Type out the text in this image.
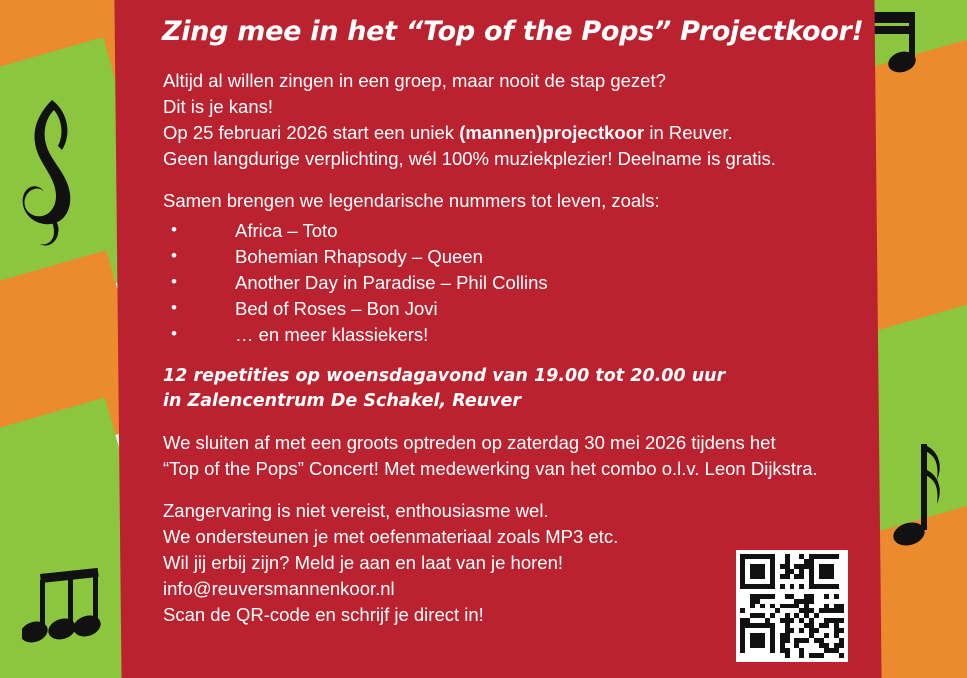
Zing mee in het “Top of the Pops” Projectkoor!
Altijd al willen zingen in een groep, maar nooit de stap gezet?
Dit is je kans!
Op 25 februari 2026 start een uniek (mannen)projectkoor in Reuver.
Geen langdurige verplichting, wél 100% muziekplezier! Deelname is gratis.
Samen brengen we legendarische nummers tot leven, zoals:
• Africa – Toto
• Bohemian Rhapsody – Queen
• Another Day in Paradise – Phil Collins
• Bed of Roses – Bon Jovi
• … en meer klassiekers!
12 repetities op woensdagavond van 19.00 tot 20.00 uur
in Zalencentrum De Schakel, Reuver
We sluiten af met een groots optreden op zaterdag 30 mei 2026 tijdens het
“Top of the Pops” Concert! Met medewerking van het combo o.l.v. Leon Dijkstra.
Zangervaring is niet vereist, enthousiasme wel.
We ondersteunen je met oefenmateriaal zoals MP3 etc.
Wil jij erbij zijn? Meld je aan en laat van je horen!
info@reuversmannenkoor.nl
Scan de QR-code en schrijf je direct in!
